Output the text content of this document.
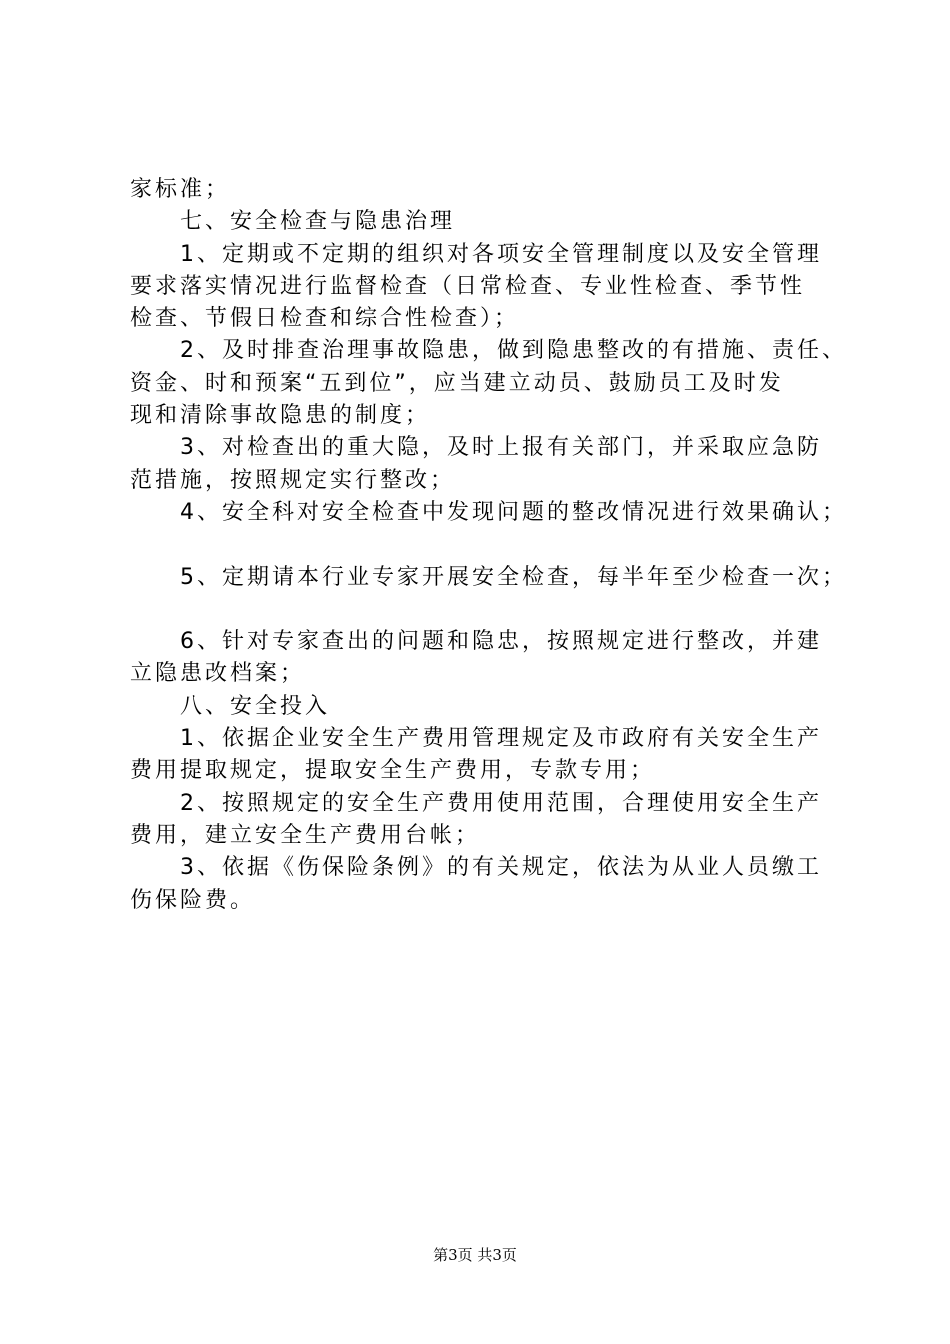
家标准；
七、安全检查与隐患治理
1、定期或不定期的组织对各项安全管理制度以及安全管理
要求落实情况进行监督检查（日常检查、专业性检查、季节性
检查、节假日检查和综合性检查）；
2、及时排查治理事故隐患，做到隐患整改的有措施、责任、
资金、时和预案“五到位”，应当建立动员、鼓励员工及时发
现和清除事故隐患的制度；
3、对检查出的重大隐，及时上报有关部门，并采取应急防
范措施，按照规定实行整改；
4、安全科对安全检查中发现问题的整改情况进行效果确认；
5、定期请本行业专家开展安全检查，每半年至少检查一次；
6、针对专家查出的问题和隐忠，按照规定进行整改，并建
立隐患改档案；
八、安全投入
1、依据企业安全生产费用管理规定及市政府有关安全生产
费用提取规定，提取安全生产费用，专款专用；
2、按照规定的安全生产费用使用范围，合理使用安全生产
费用，建立安全生产费用台帐；
3、依据《伤保险条例》的有关规定，依法为从业人员缴工
伤保险费。
第3页 共3页
